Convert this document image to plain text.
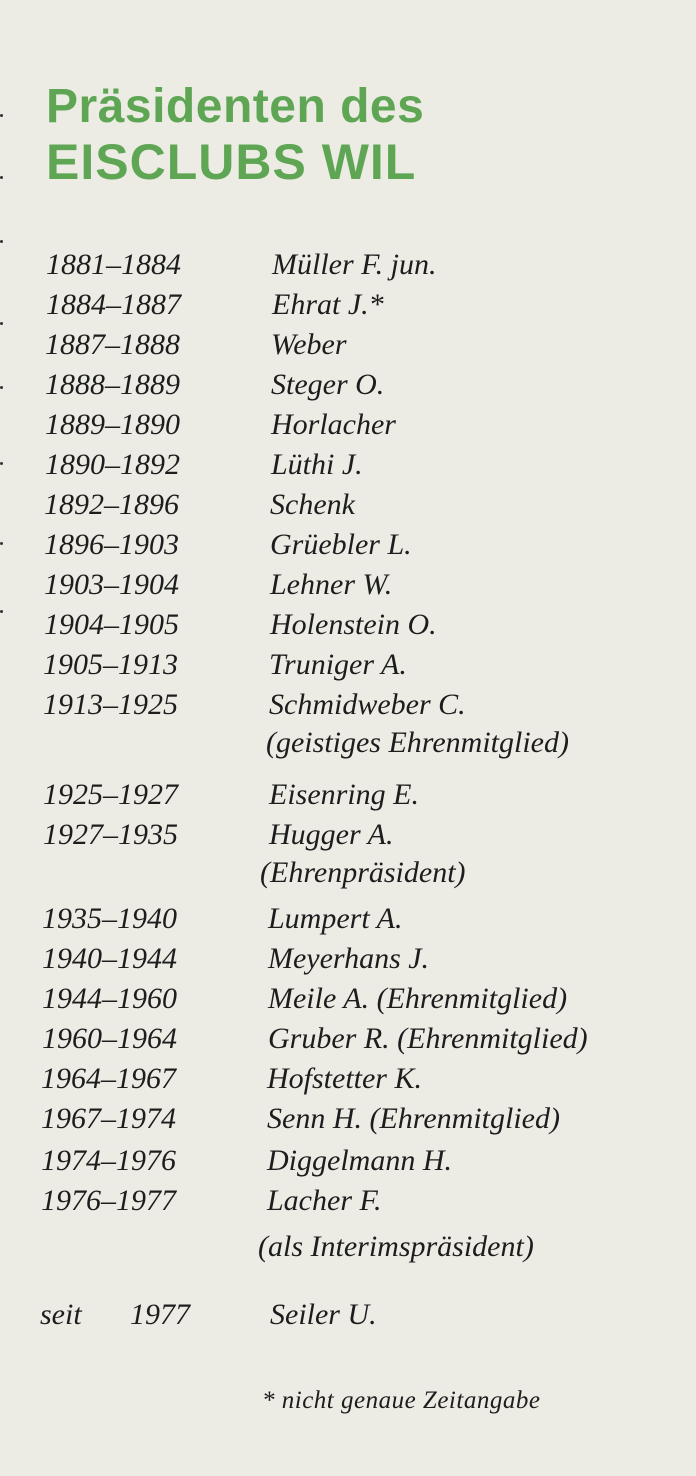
Präsidenten des
EISCLUBS WIL
1881–1884	Müller F. jun.
1884–1887	Ehrat J.*
1887–1888	Weber
1888–1889	Steger O.
1889–1890	Horlacher
1890–1892	Lüthi J.
1892–1896	Schenk
1896–1903	Grüebler L.
1903–1904	Lehner W.
1904–1905	Holenstein O.
1905–1913	Truniger A.
1913–1925	Schmidweber C.
(geistiges Ehrenmitglied)
1925–1927	Eisenring E.
1927–1935	Hugger A.
(Ehrenpräsident)
1935–1940	Lumpert A.
1940–1944	Meyerhans J.
1944–1960	Meile A. (Ehrenmitglied)
1960–1964	Gruber R. (Ehrenmitglied)
1964–1967	Hofstetter K.
1967–1974	Senn H. (Ehrenmitglied)
1974–1976	Diggelmann H.
1976–1977	Lacher F.
(als Interimspräsident)
seit 1977	Seiler U.
* nicht genaue Zeitangabe
